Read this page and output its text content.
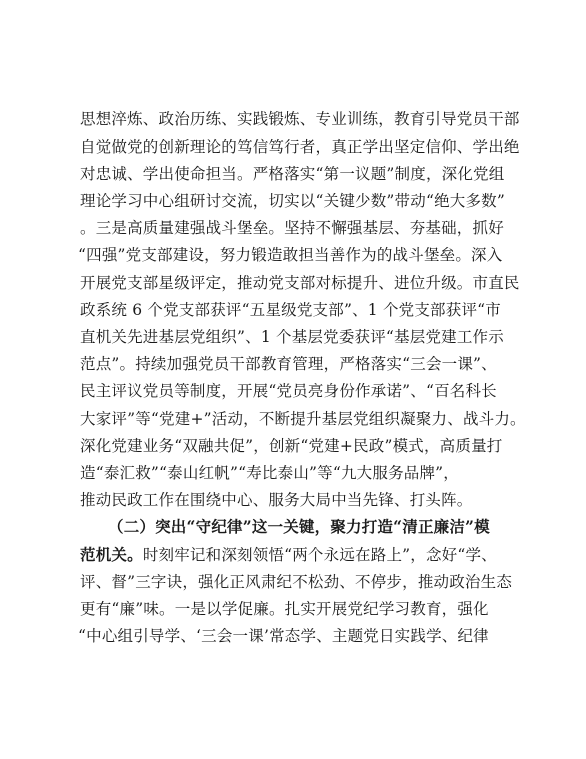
思想淬炼、政治历练、实践锻炼、专业训练，教育引导党员干部
自觉做党的创新理论的笃信笃行者，真正学出坚定信仰、学出绝
对忠诚、学出使命担当。严格落实“第一议题”制度，深化党组
理论学习中心组研讨交流，切实以“关键少数”带动“绝大多数”
。三是高质量建强战斗堡垒。坚持不懈强基层、夯基础，抓好
“四强”党支部建设，努力锻造敢担当善作为的战斗堡垒。深入
开展党支部星级评定，推动党支部对标提升、进位升级。市直民
政系统 6 个党支部获评“五星级党支部”、1 个党支部获评“市
直机关先进基层党组织”、1 个基层党委获评“基层党建工作示
范点”。持续加强党员干部教育管理，严格落实“三会一课”、
民主评议党员等制度，开展“党员亮身份作承诺”、“百名科长
大家评”等“党建+”活动，不断提升基层党组织凝聚力、战斗力。
深化党建业务“双融共促”，创新“党建+民政”模式，高质量打
造“泰汇救”“泰山红帆”“寿比泰山”等“九大服务品牌”，
推动民政工作在围绕中心、服务大局中当先锋、打头阵。
（二）突出“守纪律”这一关键，聚力打造“清正廉洁”模
范机关。时刻牢记和深刻领悟“两个永远在路上”，念好“学、
评、督”三字诀，强化正风肃纪不松劲、不停步，推动政治生态
更有“廉”味。一是以学促廉。扎实开展党纪学习教育，强化
“中心组引导学、‘三会一课’常态学、主题党日实践学、纪律
